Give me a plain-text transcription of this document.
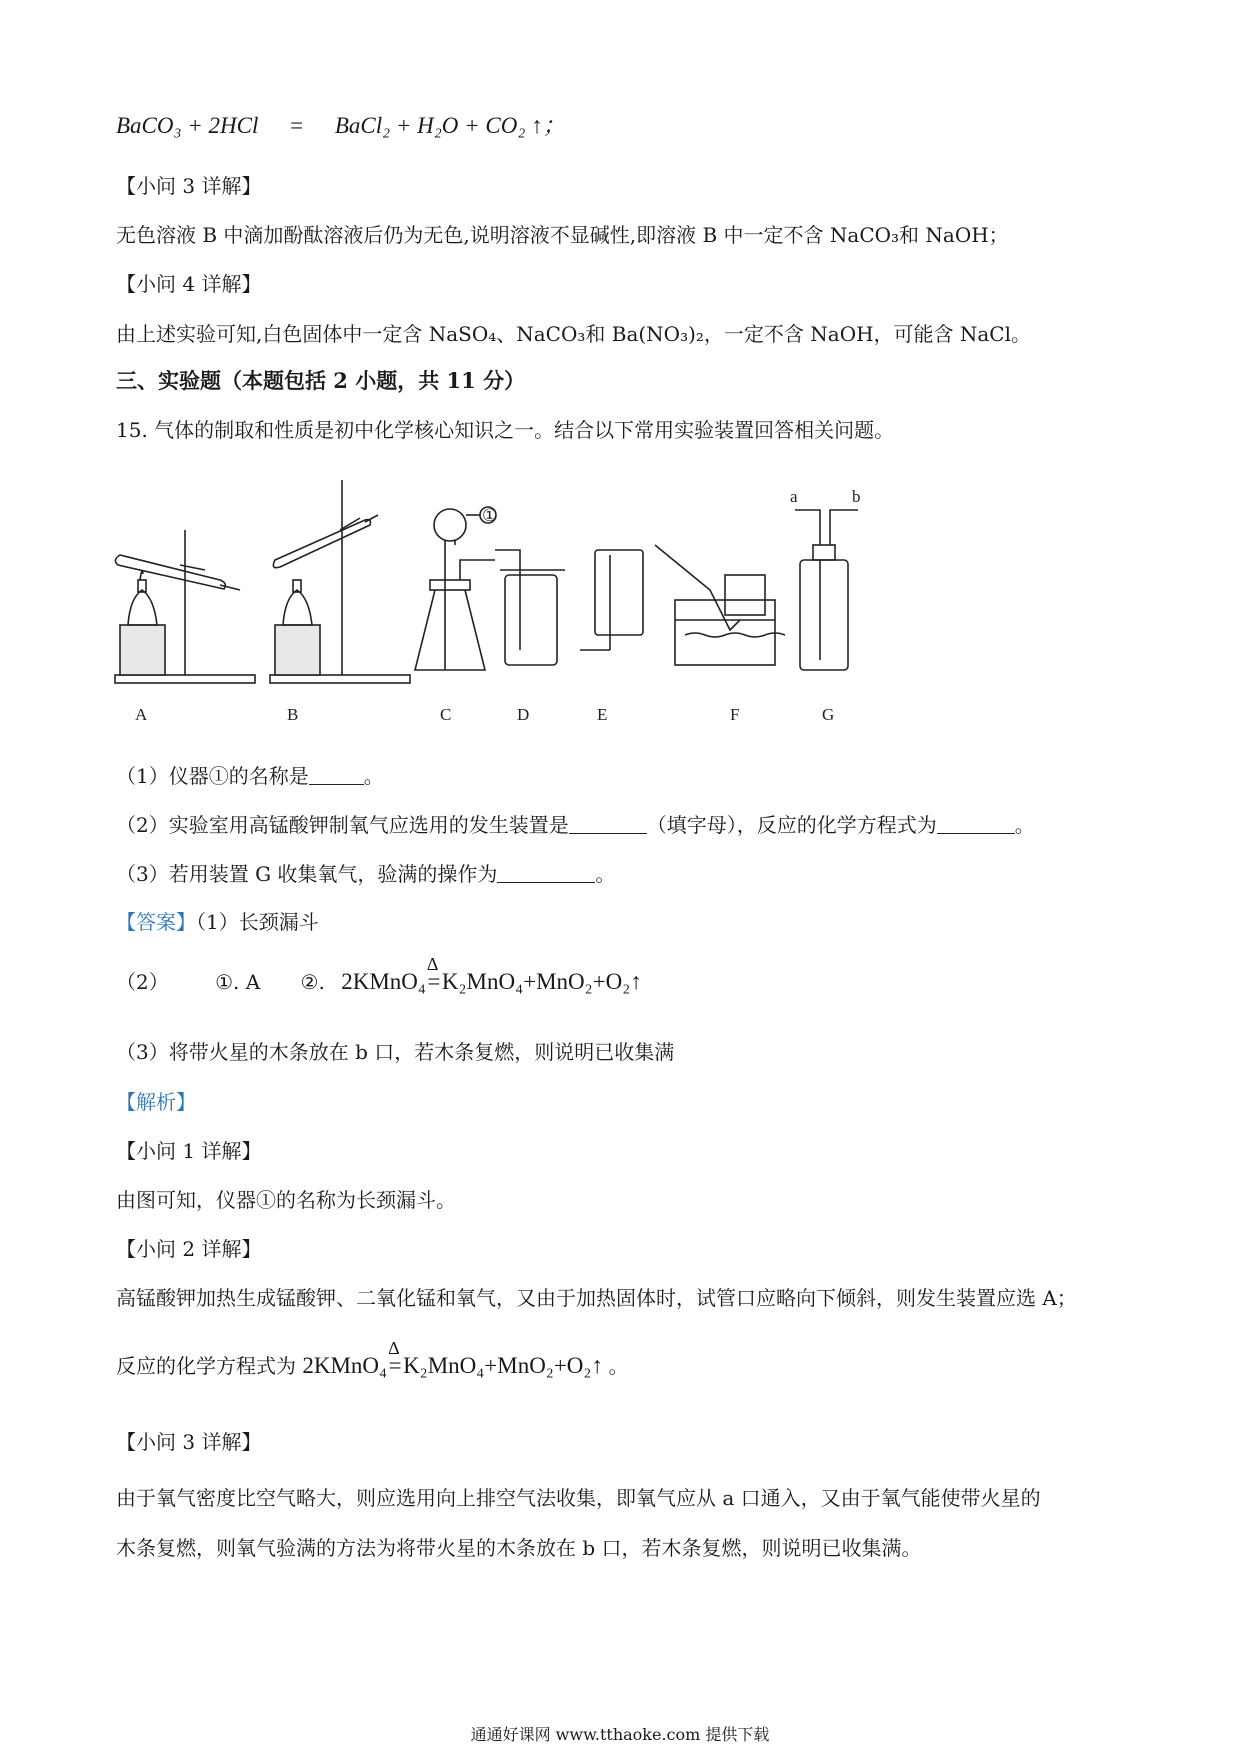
BaCO₃ + 2HCl = BaCl₂ + H₂O + CO₂ ↑；
【小问 3 详解】
无色溶液 B 中滴加酚酞溶液后仍为无色,说明溶液不显碱性,即溶液 B 中一定不含 NaCO₃和 NaOH；
【小问 4 详解】
由上述实验可知,白色固体中一定含 NaSO₄、NaCO₃和 Ba(NO₃)₂，一定不含 NaOH，可能含 NaCl。
三、实验题（本题包括 2 小题，共 11 分）
15. 气体的制取和性质是初中化学核心知识之一。结合以下常用实验装置回答相关问题。
A	B	C	D	E	F	G
①
a	b
（1）仪器①的名称是	。
（2）实验室用高锰酸钾制氧气应选用的发生装置是	（填字母），反应的化学方程式为	。
（3）若用装置 G 收集氧气，验满的操作为	。
【答案】（1）长颈漏斗
（2） ①. A ②. 2KMnO₄
Δ
=K₂MnO₄+MnO₂+O₂↑
（3）将带火星的木条放在 b 口，若木条复燃，则说明已收集满
【解析】
【小问 1 详解】
由图可知，仪器①的名称为长颈漏斗。
【小问 2 详解】
高锰酸钾加热生成锰酸钾、二氧化锰和氧气，又由于加热固体时，试管口应略向下倾斜，则发生装置应选 A；
反应的化学方程式为 2KMnO₄
Δ
=K₂MnO₄+MnO₂+O₂↑ 。
【小问 3 详解】
由于氧气密度比空气略大，则应选用向上排空气法收集，即氧气应从 a 口通入，又由于氧气能使带火星的
木条复燃，则氧气验满的方法为将带火星的木条放在 b 口，若木条复燃，则说明已收集满。
通通好课网 www.tthaoke.com 提供下载
